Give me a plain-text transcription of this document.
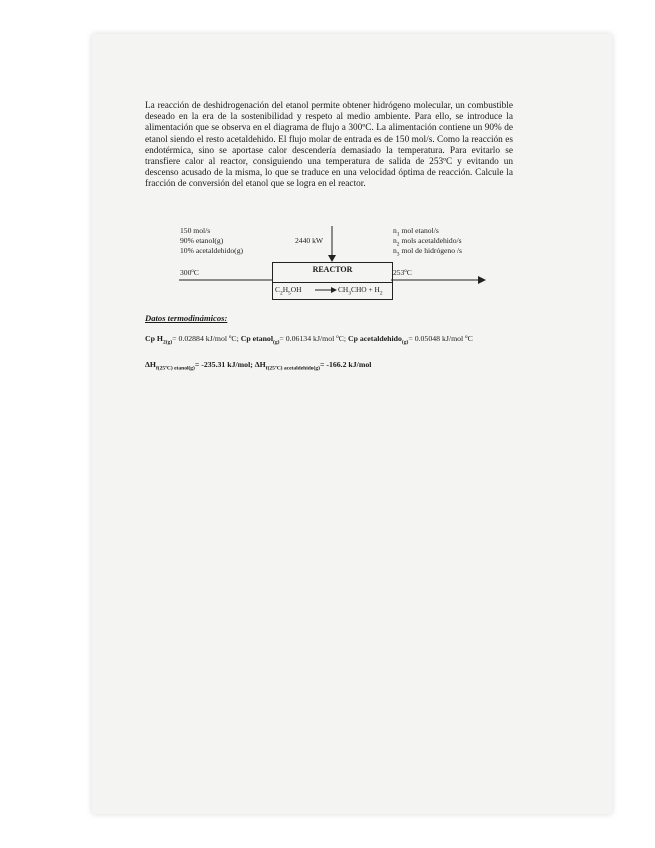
La reacción de deshidrogenación del etanol permite obtener hidrógeno molecular, un combustible deseado en la era de la sostenibilidad y respeto al medio ambiente. Para ello, se introduce la alimentación que se observa en el diagrama de flujo a 300ºC. La alimentación contiene un 90% de etanol siendo el resto acetaldehido. El flujo molar de entrada es de 150 mol/s. Como la reacción es endotérmica, sino se aportase calor descendería demasiado la temperatura. Para evitarlo se transfiere calor al reactor, consiguiendo una temperatura de salida de 253ºC y evitando un descenso acusado de la misma, lo que se traduce en una velocidad óptima de reacción. Calcule la fracción de conversión del etanol que se logra en el reactor.
150 mol/s
90% etanol(g)
10% acetaldehido(g)
300ºC
2440 kW
REACTOR
$C_2H_5OH \to CH_3CHO + H_2$
$n_1$ mol etanol/s
$n_2$ mols acetaldehido/s
$n_3$ mol de hidrógeno /s
253ºC
Datos termodinámicos:
Cp $H_{2(g)}= 0.02884$ kJ/mol ºC; Cp etanol$_{(g)}$= 0.06134 kJ/mol ºC; Cp acetaldehido$_{(g)}$= 0.05048 kJ/mol ºC
$\Delta H_{f(25ºC) etanol(g)}= -235.31$ kJ/mol; $\Delta H_{f(25ºC) acetaldehido(g)}= -166.2$ kJ/mol
